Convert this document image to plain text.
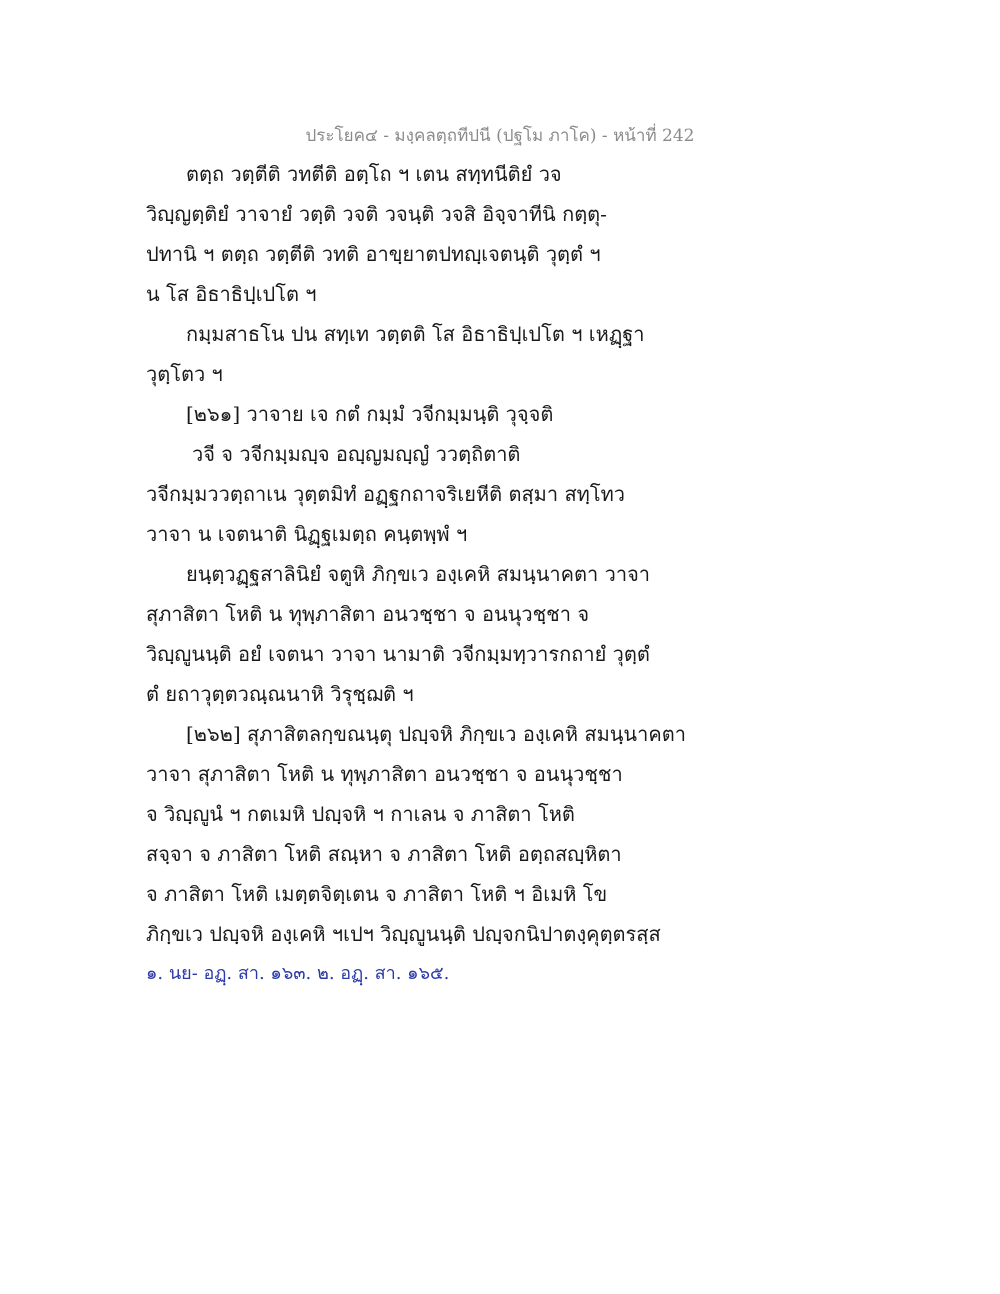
ประโยค๔ - มงฺคลตฺถทีปนี (ปฐโม ภาโค) - หน้าที่ 242
ตตฺถ วตฺตีติ วทตีติ อตฺโถ ฯ เตน สทฺทนีติยํ วจ
วิญฺญตฺติยํ วาจายํ วตฺติ วจติ วจนฺติ วจสิ อิจฺจาทีนิ กตฺตุ-
ปทานิ ฯ ตตฺถ วตฺตีติ วทติ อาขฺยาตปทญฺเจตนฺติ วุตฺตํ ฯ
น โส อิธาธิปฺเปโต ฯ
กมฺมสาธโน ปน สทฺเท วตฺตติ โส อิธาธิปฺเปโต ฯ เหฏฺฐา
วุตฺโตว ฯ
[๒๖๑] วาจาย เจ กตํ กมฺมํ วจีกมฺมนฺติ วุจฺจติ
วจี จ วจีกมฺมญฺจ อญฺญมญฺญํ ววตฺถิตาติ
วจีกมฺมววตฺถาเน วุตฺตมิทํ อฏฺฐกถาจริเยหีติ ตสฺมา สทฺโทว
วาจา น เจตนาติ นิฏฺฐเมตฺถ คนฺตพฺพํ ฯ
ยนฺตฺวฏฺฐสาลินิยํ จตูหิ ภิกฺขเว องฺเคหิ สมนฺนาคตา วาจา
สุภาสิตา โหติ น ทุพฺภาสิตา อนวชฺชา จ อนนุวชฺชา จ
วิญฺญูนนฺติ อยํ เจตนา วาจา นามาติ วจีกมฺมทฺวารกถายํ วุตฺตํ
ตํ ยถาวุตฺตวณฺณนาหิ วิรุชฺฌติ ฯ
[๒๖๒] สุภาสิตลกฺขณนฺตุ ปญฺจหิ ภิกฺขเว องฺเคหิ สมนฺนาคตา
วาจา สุภาสิตา โหติ น ทุพฺภาสิตา อนวชฺชา จ อนนุวชฺชา
จ วิญฺญูนํ ฯ กตเมหิ ปญฺจหิ ฯ กาเลน จ ภาสิตา โหติ
สจฺจา จ ภาสิตา โหติ สณฺหา จ ภาสิตา โหติ อตฺถสญฺหิตา
จ ภาสิตา โหติ เมตฺตจิตฺเตน จ ภาสิตา โหติ ฯ อิเมหิ โข
ภิกฺขเว ปญฺจหิ องฺเคหิ ฯเปฯ วิญฺญูนนฺติ ปญฺจกนิปาตงฺคุตฺตรสฺส
๑. นย- อฏฺ. สา. ๑๖๓. ๒. อฏฺ. สา. ๑๖๕.
